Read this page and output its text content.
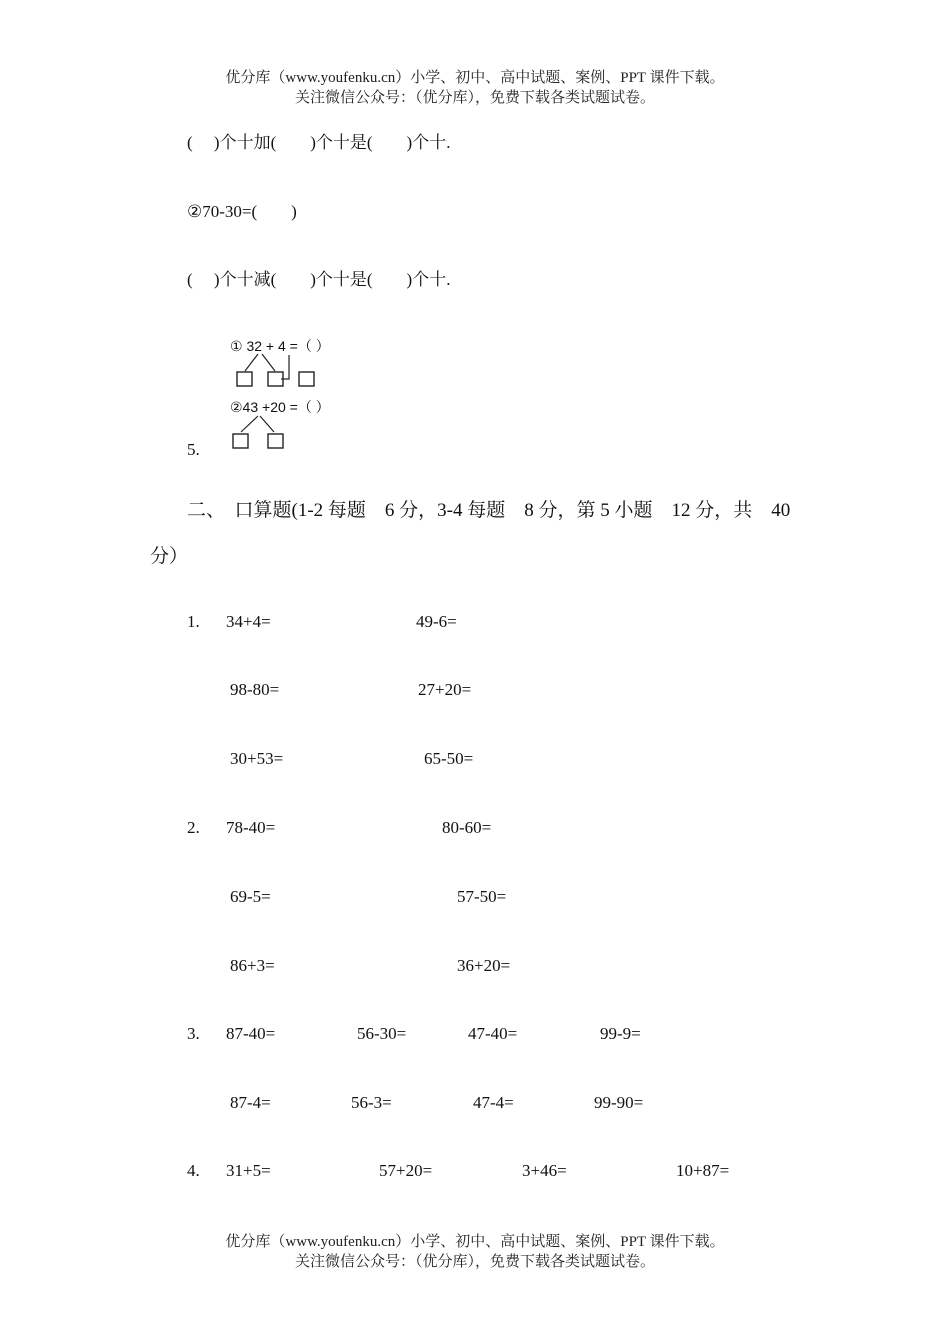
优分库（www.youfenku.cn）小学、初中、高中试题、案例、PPT 课件下载。
关注微信公众号：（优分库），免费下载各类试题试卷。
(　 )个十加(　　)个十是(　　)个十.
②70-30=(　　)
(　 )个十减(　　)个十是(　　)个十.
① 32 + 4 =（ ）
②43 +20 =（ ）
5.
二、　口算题(1-2 每题　6 分，3-4 每题　8 分，第 5 小题　12 分，共　40
分）
1. 34+4=	49-6=
98-80=	27+20=
30+53=	65-50=
2. 78-40=	80-60=
69-5=	57-50=
86+3=	36+20=
3. 87-40=	56-30=	47-40=	99-9=
87-4=	56-3=	47-4=	99-90=
4. 31+5=	57+20=	3+46=	10+87=
优分库（www.youfenku.cn）小学、初中、高中试题、案例、PPT 课件下载。
关注微信公众号：（优分库），免费下载各类试题试卷。
